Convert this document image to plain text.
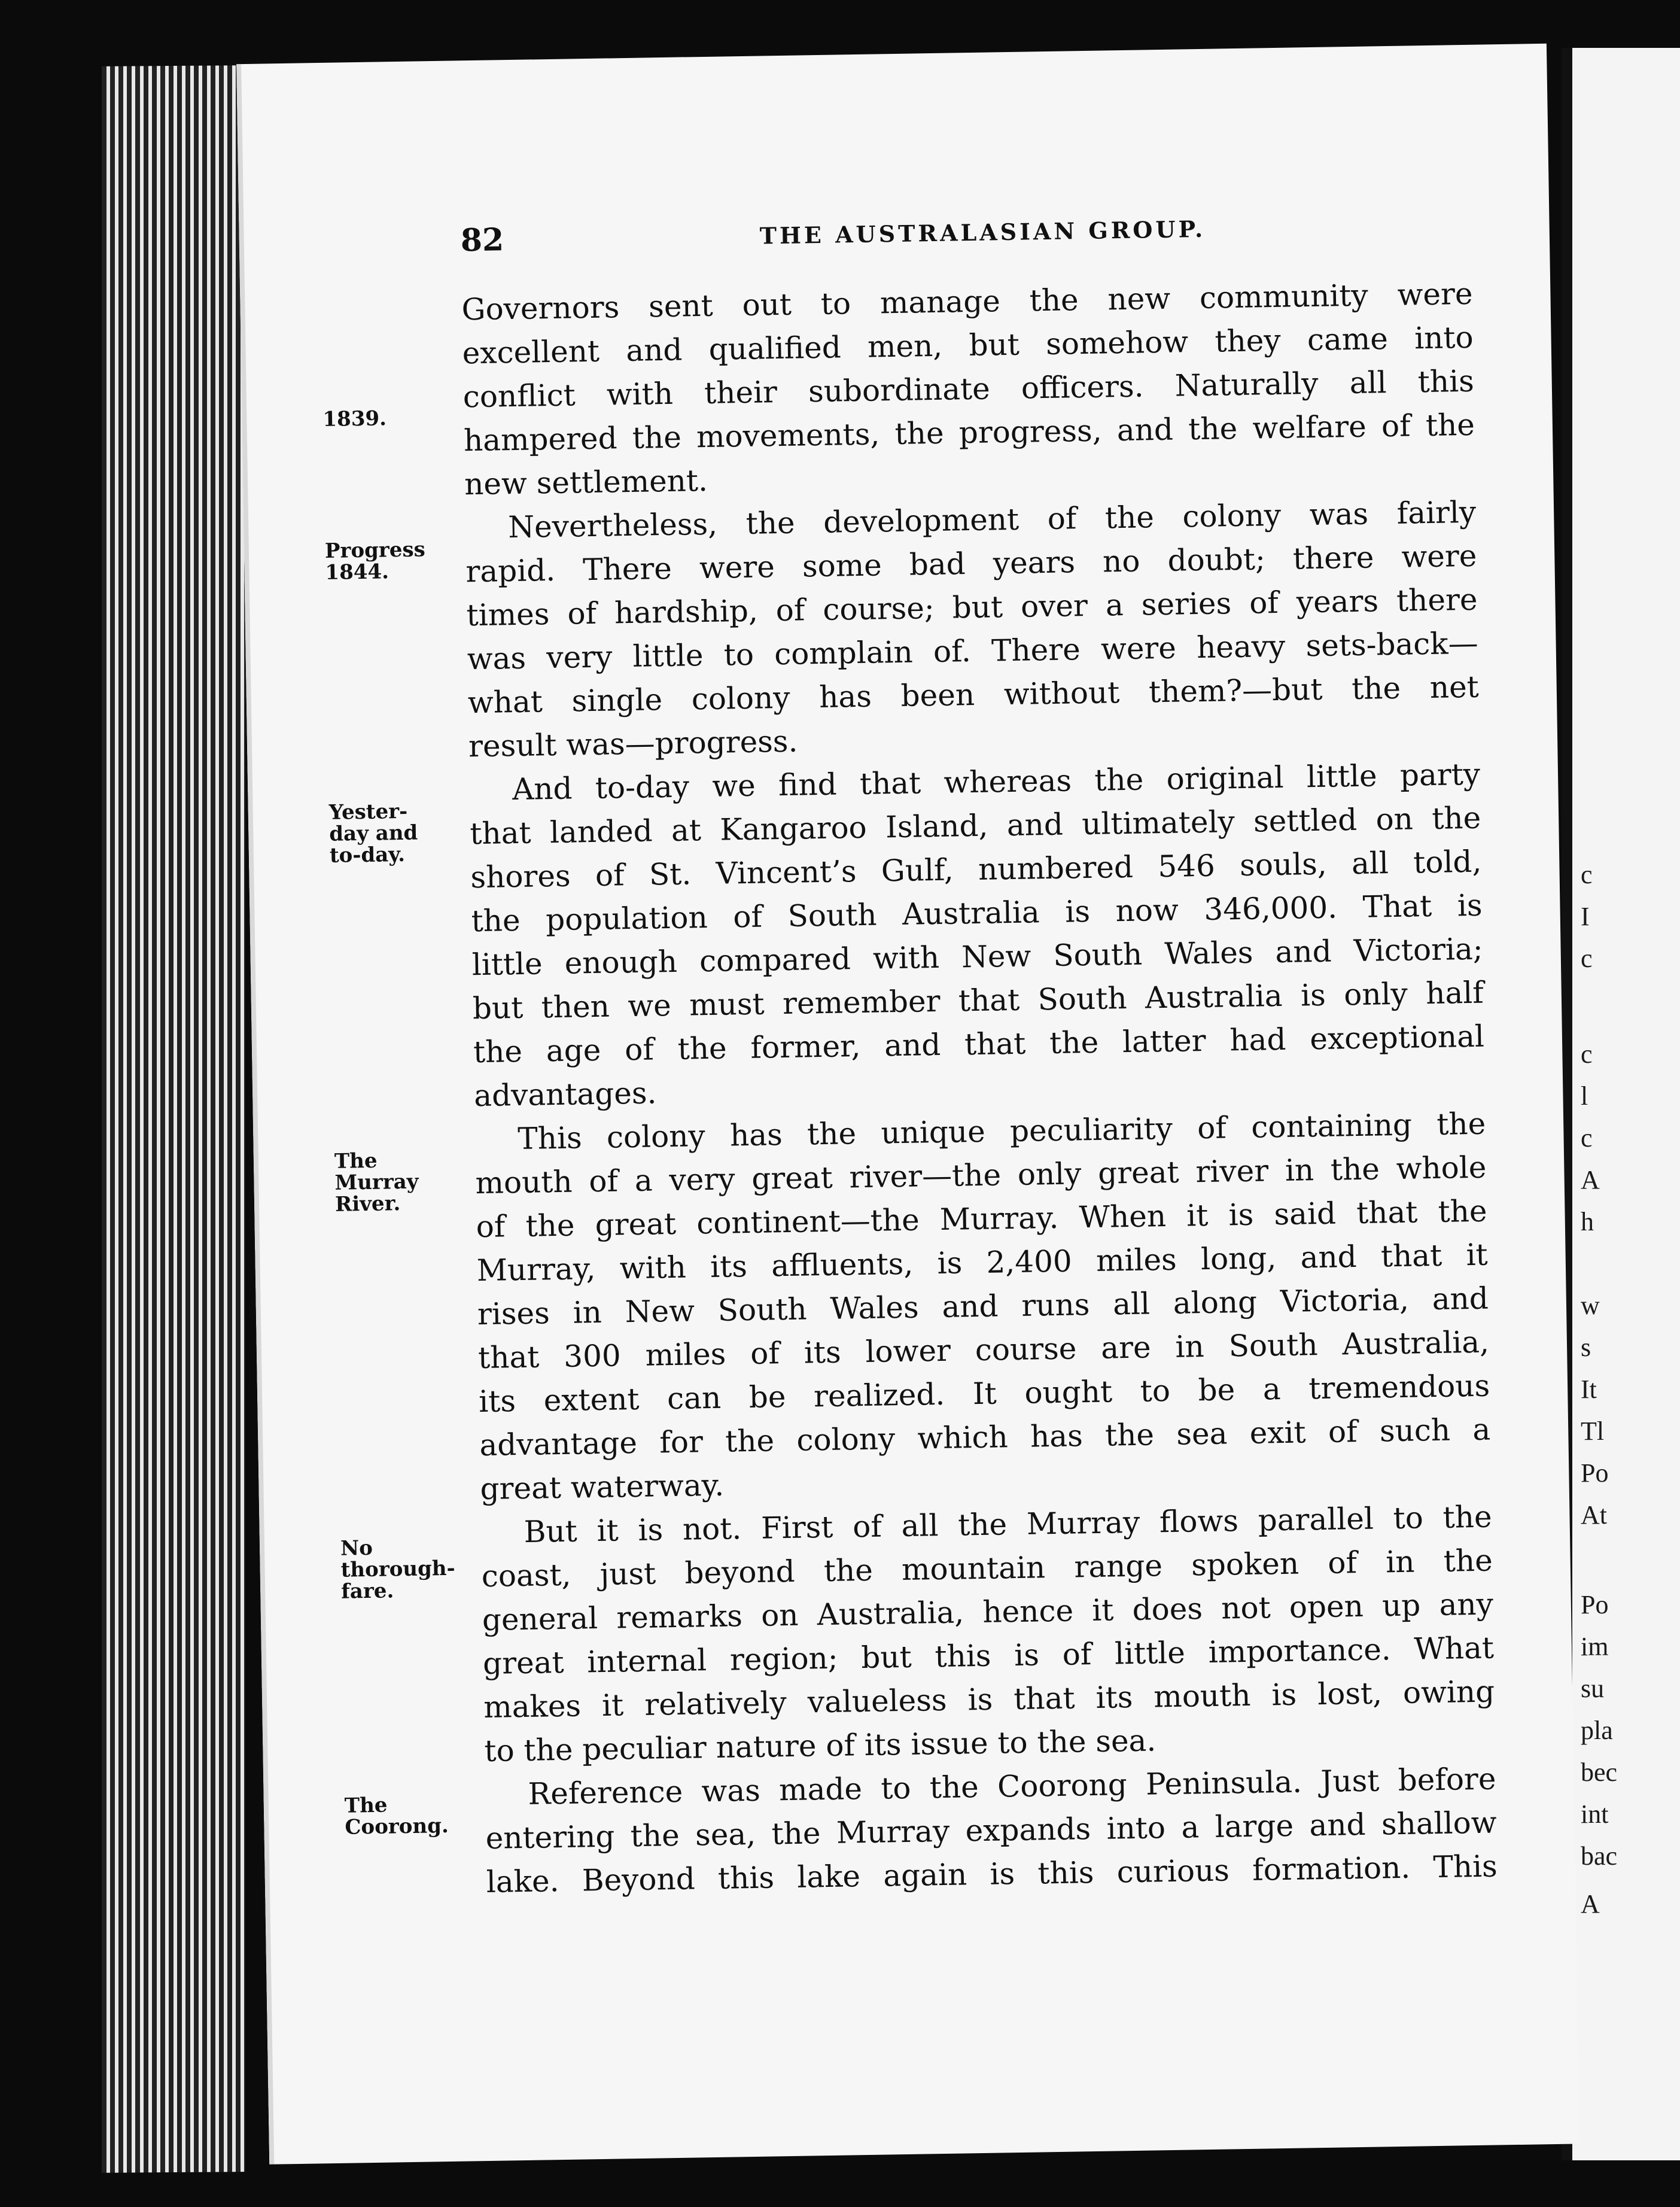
c
I
c
c
l
c
A
h
w
s
It
Tl
Po
At
Po
im
su
pla
bec
int
bac
A
82	THE AUSTRALASIAN GROUP.
1839.
Progress
1844.
Yester-
day and
to-day.
The
Murray
River.
No
thorough-
fare.
The
Coorong.

Governors sent out to manage the new community were
excellent and qualified men, but somehow they came into
conflict with their subordinate officers. Naturally all this
hampered the movements, the progress, and the welfare of the
new settlement.

Nevertheless, the development of the colony was fairly
rapid. There were some bad years no doubt; there were
times of hardship, of course; but over a series of years there
was very little to complain of. There were heavy sets-back—
what single colony has been without them?—but the net
result was—progress.

And to-day we find that whereas the original little party
that landed at Kangaroo Island, and ultimately settled on the
shores of St. Vincent’s Gulf, numbered 546 souls, all told,
the population of South Australia is now 346,000. That is
little enough compared with New South Wales and Victoria;
but then we must remember that South Australia is only half
the age of the former, and that the latter had exceptional
advantages.

This colony has the unique peculiarity of containing the
mouth of a very great river—the only great river in the whole
of the great continent—the Murray. When it is said that the
Murray, with its affluents, is 2,400 miles long, and that it
rises in New South Wales and runs all along Victoria, and
that 300 miles of its lower course are in South Australia,
its extent can be realized. It ought to be a tremendous
advantage for the colony which has the sea exit of such a
great waterway.

But it is not. First of all the Murray flows parallel to the
coast, just beyond the mountain range spoken of in the
general remarks on Australia, hence it does not open up any
great internal region; but this is of little importance. What
makes it relatively valueless is that its mouth is lost, owing
to the peculiar nature of its issue to the sea.

Reference was made to the Coorong Peninsula. Just before
entering the sea, the Murray expands into a large and shallow
lake. Beyond this lake again is this curious formation. This
